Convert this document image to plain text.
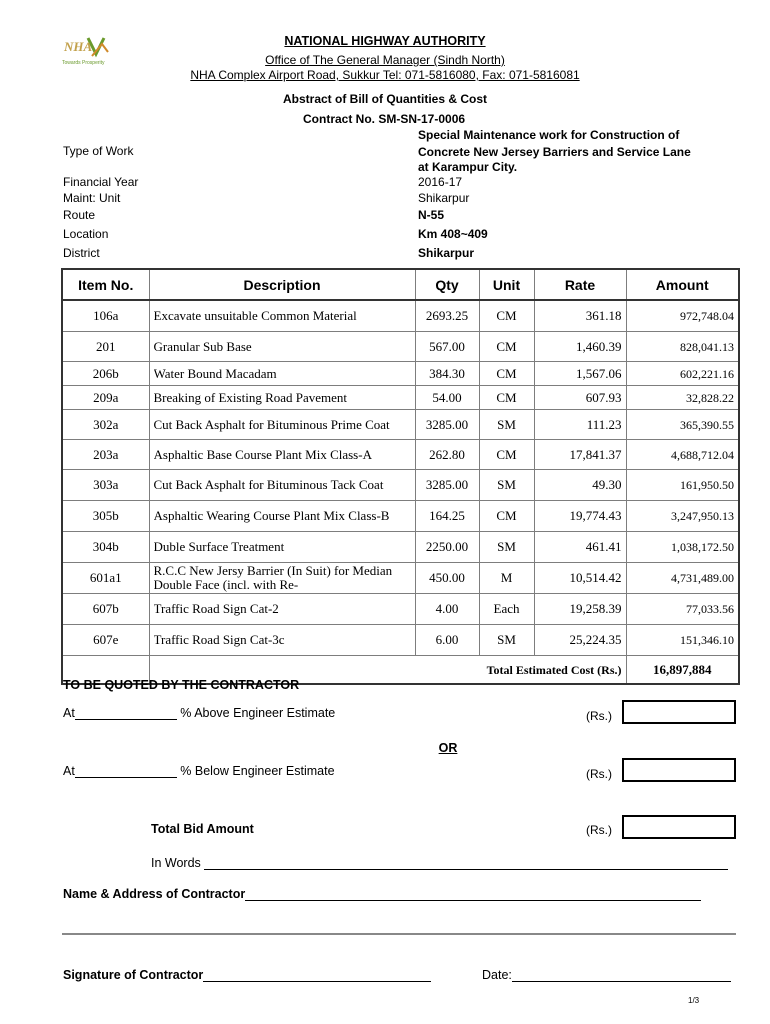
NHA
Towards Prosperity
NATIONAL HIGHWAY AUTHORITY
Office of The General Manager (Sindh North)
NHA Complex Airport Road, Sukkur Tel: 071-5816080, Fax: 071-5816081
Abstract of Bill of Quantities & Cost
Contract No. SM-SN-17-0006
Special Maintenance work for Construction of
Type of Work	Concrete New Jersey Barriers and Service Lane
at Karampur City.
Financial Year	2016-17
Maint: Unit	Shikarpur
Route	N-55
Location	Km 408~409
District	Shikarpur
Item No.	Description	Qty	Unit	Rate	Amount
106a	Excavate unsuitable Common Material	2693.25	CM	361.18	972,748.04
201	Granular Sub Base	567.00	CM	1,460.39	828,041.13
206b	Water Bound Macadam	384.30	CM	1,567.06	602,221.16
209a	Breaking of Existing Road Pavement	54.00	CM	607.93	32,828.22
302a	Cut Back Asphalt for Bituminous Prime Coat	3285.00	SM	111.23	365,390.55
203a	Asphaltic Base Course Plant Mix Class-A	262.80	CM	17,841.37	4,688,712.04
303a	Cut Back Asphalt for Bituminous Tack Coat	3285.00	SM	49.30	161,950.50
305b	Asphaltic Wearing Course Plant Mix Class-B	164.25	CM	19,774.43	3,247,950.13
304b	Duble Surface Treatment	2250.00	SM	461.41	1,038,172.50
601a1	R.C.C New Jersy Barrier (In Suit) for Median Double Face (incl. with Re-	450.00	M	10,514.42	4,731,489.00
607b	Traffic Road Sign Cat-2	4.00	Each	19,258.39	77,033.56
607e	Traffic Road Sign Cat-3c	6.00	SM	25,224.35	151,346.10
	Total Estimated Cost (Rs.)				16,897,884
TO BE QUOTED BY THE CONTRACTOR
At	% Above Engineer Estimate	(Rs.)
OR
At	% Below Engineer Estimate	(Rs.)
Total Bid Amount	(Rs.)
In Words
Name & Address of Contractor
Signature of Contractor	Date:
1/3
